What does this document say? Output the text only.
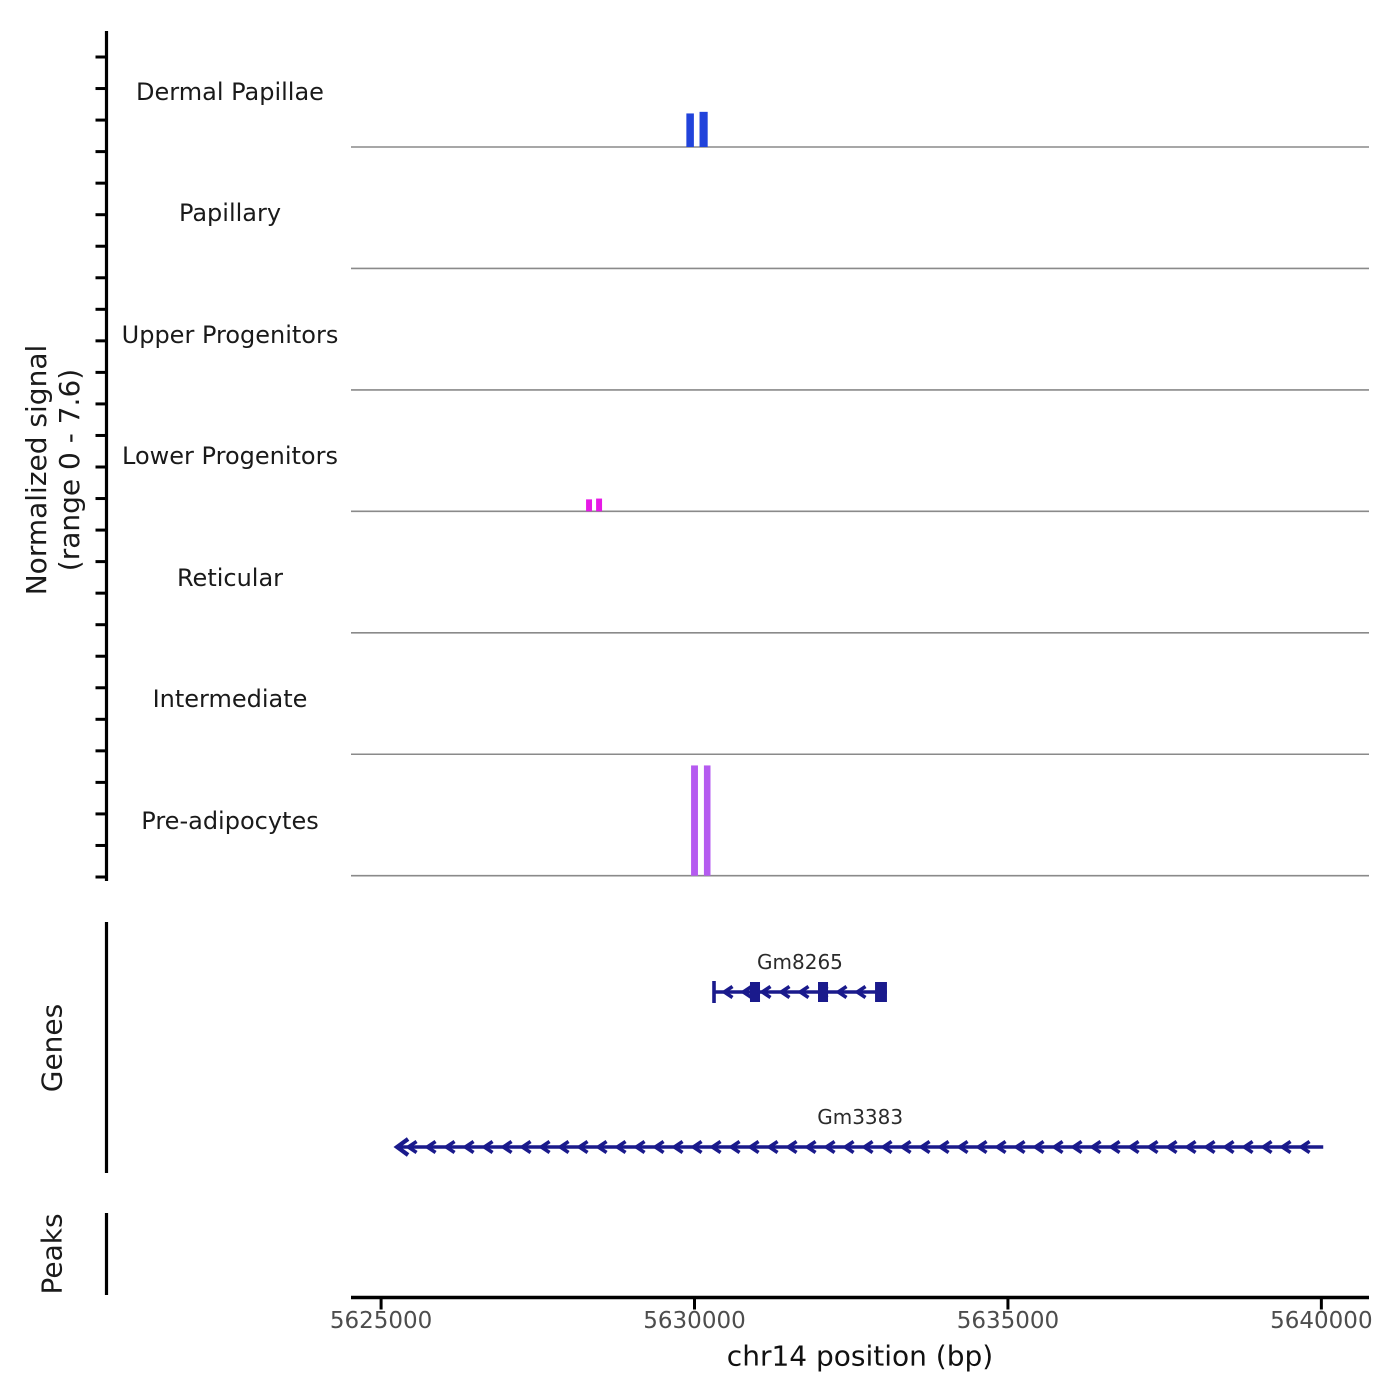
Normalized signal (range 0 - 7.6)
Genes
Peaks
chr14 position (bp)
Dermal Papillae
Papillary
Upper Progenitors
Lower Progenitors
Reticular
Intermediate
Pre-adipocytes
Gm8265
Gm3383
5625000	5630000	5635000	5640000
